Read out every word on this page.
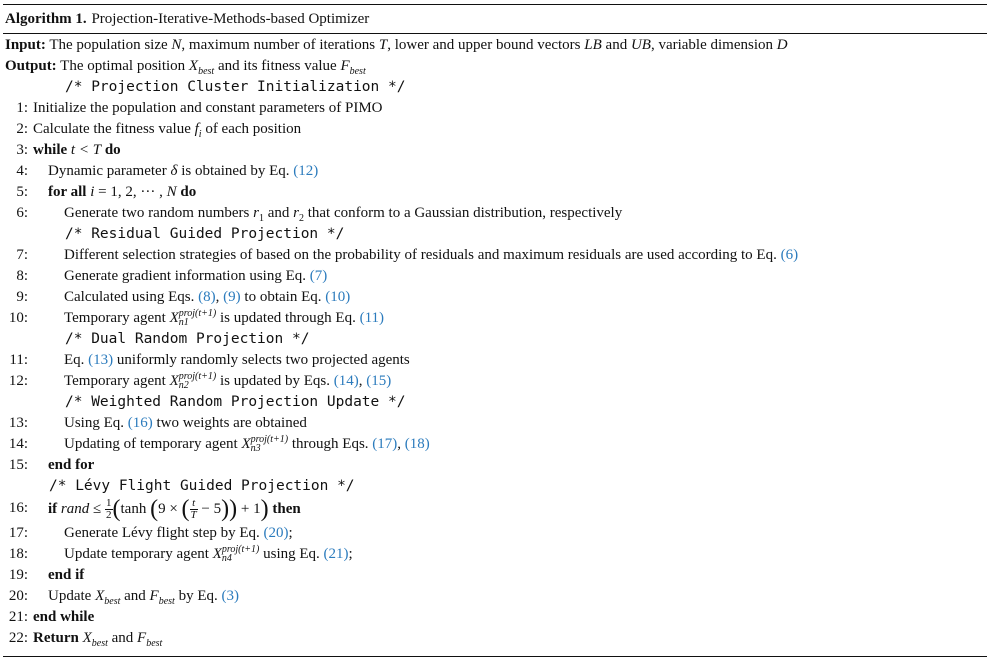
Algorithm 1. Projection-Iterative-Methods-based Optimizer
Input: The population size N, maximum number of iterations T, lower and upper bound vectors LB and UB, variable dimension D
Output: The optimal position $X_{best}$ and its fitness value $F_{best}$
/* Projection Cluster Initialization */
1: Initialize the population and constant parameters of PIMO
2: Calculate the fitness value $f_i$ of each position
3: while t < T do
4: Dynamic parameter δ is obtained by Eq. (12)
5: for all i = 1, 2, ··· , N do
6: Generate two random numbers $r_1$ and $r_2$ that conform to a Gaussian distribution, respectively
/* Residual Guided Projection */
7: Different selection strategies of based on the probability of residuals and maximum residuals are used according to Eq. (6)
8: Generate gradient information using Eq. (7)
9: Calculated using Eqs. (8), (9) to obtain Eq. (10)
10: Temporary agent X proj(t+1)
n1	is updated through Eq. (11)
/* Dual Random Projection */
11: Eq. (13) uniformly randomly selects two projected agents
12: Temporary agent X proj(t+1)
n2	is updated by Eqs. (14), (15)
/* Weighted Random Projection Update */
13: Using Eq. (16) two weights are obtained
14: Updating of temporary agent X proj(t+1)
n3	through Eqs. (17), (18)
15: end for
/* Lévy Flight Guided Projection */
16: if rand ≤ $\frac{1}{2} (\tanh$ (9 × ( $\frac{t}{T} - 5)) + 1$) then
17: Generate Lévy flight step by Eq. (20);
18: Update temporary agent X proj(t+1)
n4	using Eq. (21);
19: end if
20: Update $X_{best}$ and $F_{best}$ by Eq. (3)
21: end while
22: Return $X_{best}$ and $F_{best}$
